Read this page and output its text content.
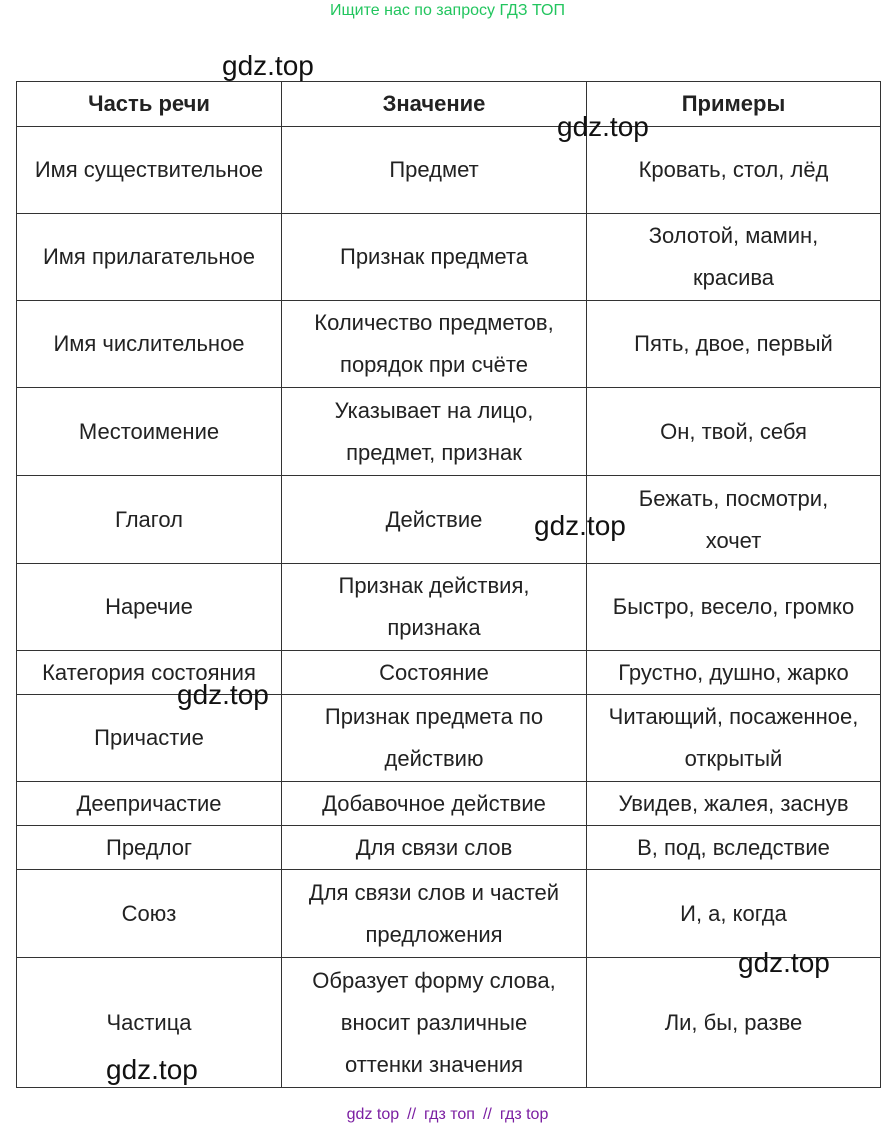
Ищите нас по запросу ГДЗ ТОП
Часть речи	Значение	Примеры
Имя существительное	Предмет	Кровать, стол, лёд
Имя прилагательное	Признак предмета	Золотой, мамин, красива
Имя числительное	Количество предметов, порядок при счёте	Пять, двое, первый
Местоимение	Указывает на лицо, предмет, признак	Он, твой, себя
Глагол	Действие	Бежать, посмотри, хочет
Наречие	Признак действия, признака	Быстро, весело, громко
Категория состояния	Состояние	Грустно, душно, жарко
Причастие	Признак предмета по действию	Читающий, посаженное, открытый
Деепричастие	Добавочное действие	Увидев, жалея, заснув
Предлог	Для связи слов	В, под, вследствие
Союз	Для связи слов и частей предложения	И, а, когда
Частица	Образует форму слова, вносит различные оттенки значения	Ли, бы, разве
gdz.top
gdz.top
gdz.top
gdz.top
gdz.top
gdz.top
gdz top // гдз топ // гдз top
